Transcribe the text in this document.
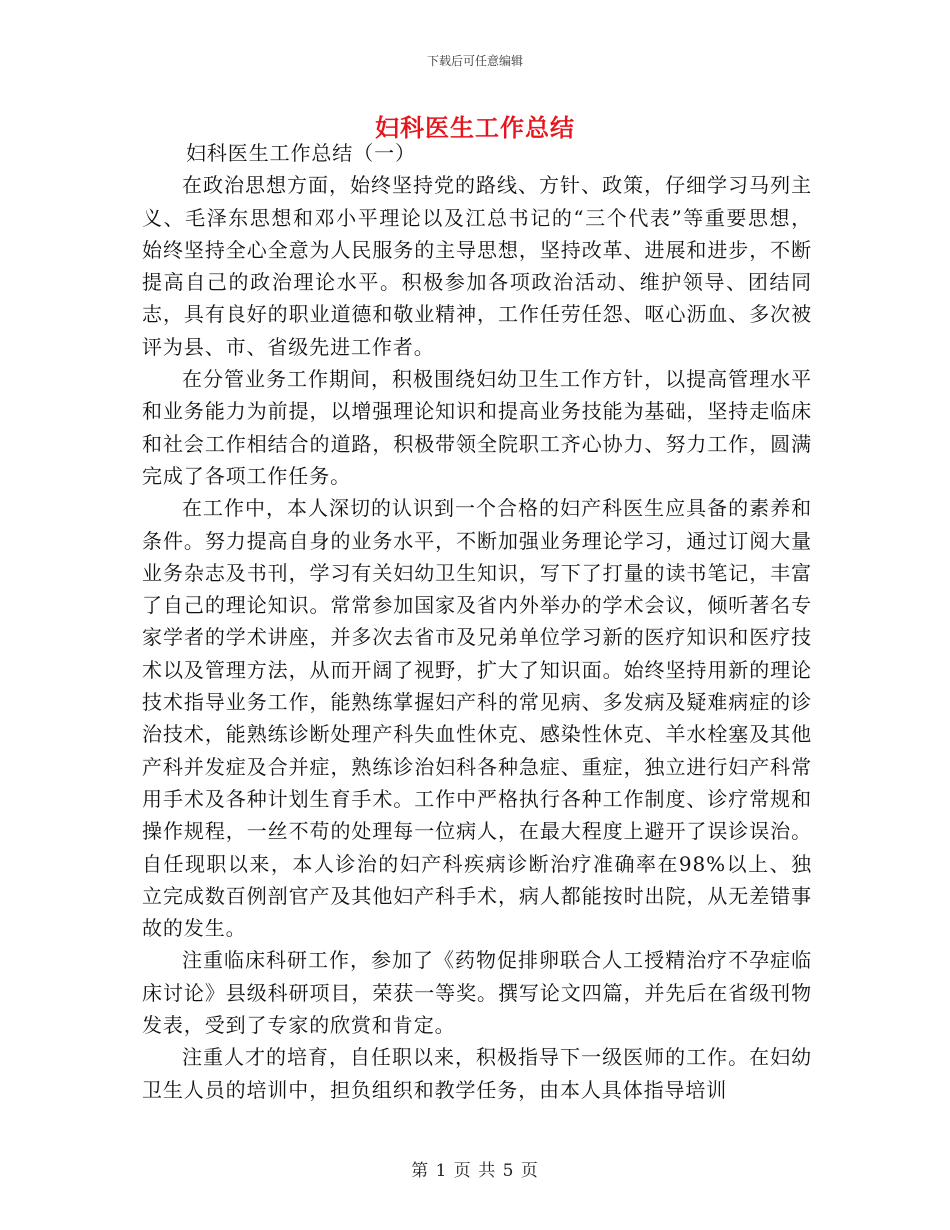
下载后可任意编辑
妇科医生工作总结
妇科医生工作总结（一）

在政治思想方面，始终坚持党的路线、方针、政策，仔细学习马列主义、毛泽东思想和邓小平理论以及江总书记的“三个代表”等重要思想，始终坚持全心全意为人民服务的主导思想，坚持改革、进展和进步，不断提高自己的政治理论水平。积极参加各项政治活动、维护领导、团结同志，具有良好的职业道德和敬业精神，工作任劳任怨、呕心沥血、多次被评为县、市、省级先进工作者。

在分管业务工作期间，积极围绕妇幼卫生工作方针，以提高管理水平和业务能力为前提，以增强理论知识和提高业务技能为基础，坚持走临床和社会工作相结合的道路，积极带领全院职工齐心协力、努力工作，圆满完成了各项工作任务。

在工作中，本人深切的认识到一个合格的妇产科医生应具备的素养和条件。努力提高自身的业务水平，不断加强业务理论学习，通过订阅大量业务杂志及书刊，学习有关妇幼卫生知识，写下了打量的读书笔记，丰富了自己的理论知识。常常参加国家及省内外举办的学术会议，倾听著名专家学者的学术讲座，并多次去省市及兄弟单位学习新的医疗知识和医疗技术以及管理方法，从而开阔了视野，扩大了知识面。始终坚持用新的理论技术指导业务工作，能熟练掌握妇产科的常见病、多发病及疑难病症的诊治技术，能熟练诊断处理产科失血性休克、感染性休克、羊水栓塞及其他产科并发症及合并症，熟练诊治妇科各种急症、重症，独立进行妇产科常用手术及各种计划生育手术。工作中严格执行各种工作制度、诊疗常规和操作规程，一丝不苟的处理每一位病人，在最大程度上避开了误诊误治。自任现职以来，本人诊治的妇产科疾病诊断治疗准确率在98%以上、独立完成数百例剖官产及其他妇产科手术，病人都能按时出院，从无差错事故的发生。

注重临床科研工作，参加了《药物促排卵联合人工授精治疗不孕症临床讨论》县级科研项目，荣获一等奖。撰写论文四篇，并先后在省级刊物发表，受到了专家的欣赏和肯定。

注重人才的培育，自任职以来，积极指导下一级医师的工作。在妇幼卫生人员的培训中，担负组织和教学任务，由本人具体指导培训

第 1 页 共 5 页
